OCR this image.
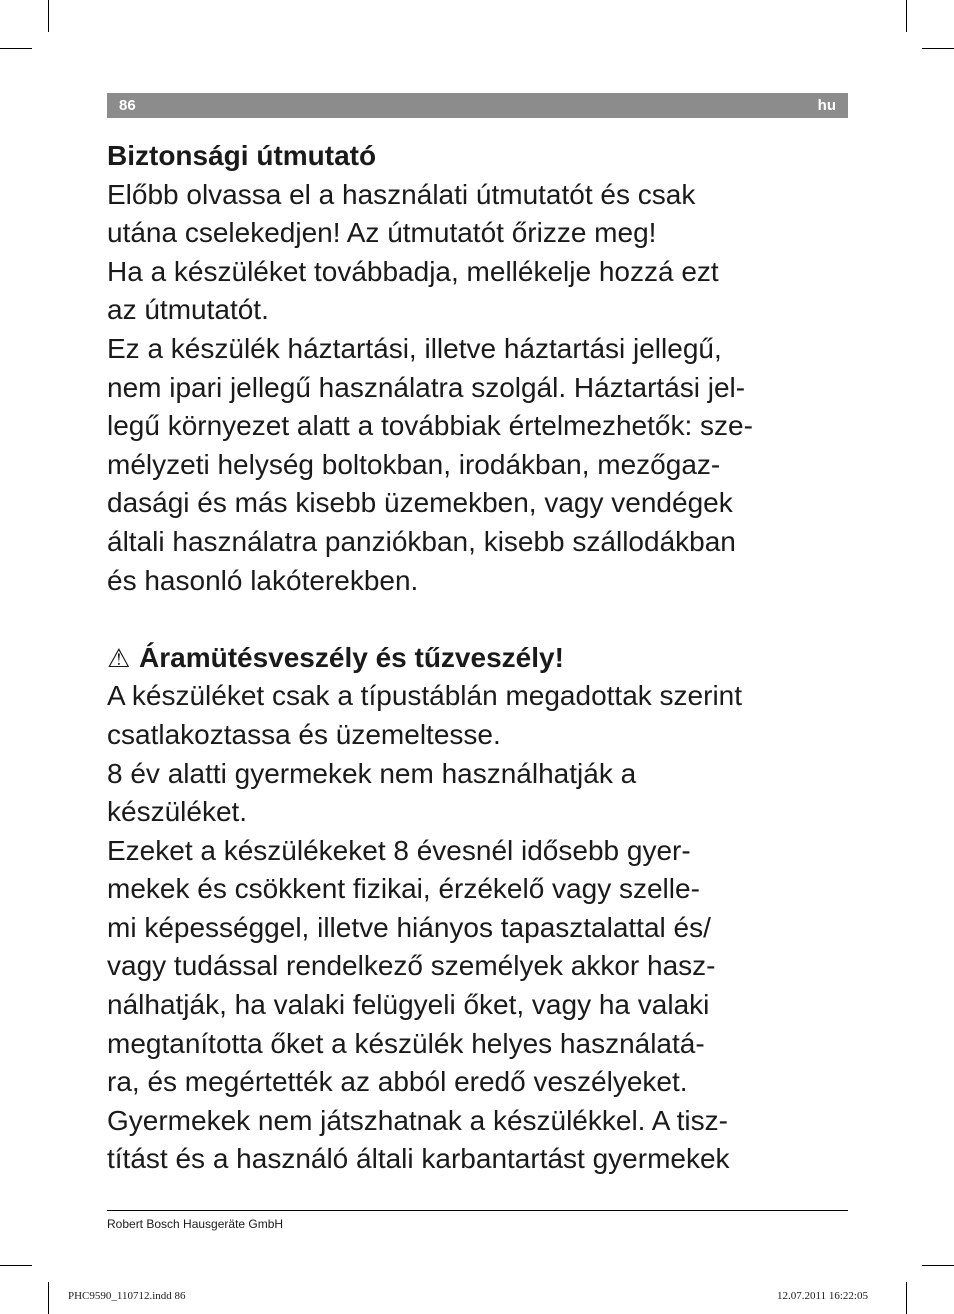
86	hu
Biztonsági útmutató
Előbb olvassa el a használati útmutatót és csak
utána cselekedjen! Az útmutatót őrizze meg!
Ha a készüléket továbbadja, mellékelje hozzá ezt
az útmutatót.
Ez a készülék háztartási, illetve háztartási jellegű,
nem ipari jellegű használatra szolgál. Háztartási jel-
legű környezet alatt a továbbiak értelmezhetők: sze-
mélyzeti helység boltokban, irodákban, mezőgaz-
dasági és más kisebb üzemekben, vagy vendégek
általi használatra panziókban, kisebb szállodákban
és hasonló lakóterekben.
⚠ Áramütésveszély és tűzveszély!
A készüléket csak a típustáblán megadottak szerint
csatlakoztassa és üzemeltesse.
8 év alatti gyermekek nem használhatják a
készüléket.
Ezeket a készülékeket 8 évesnél idősebb gyer-
mekek és csökkent fizikai, érzékelő vagy szelle-
mi képességgel, illetve hiányos tapasztalattal és/
vagy tudással rendelkező személyek akkor hasz-
nálhatják, ha valaki felügyeli őket, vagy ha valaki
megtanította őket a készülék helyes használatá-
ra, és megértették az abból eredő veszélyeket.
Gyermekek nem játszhatnak a készülékkel. A tisz-
títást és a használó általi karbantartást gyermekek
Robert Bosch Hausgeräte GmbH
PHC9590_110712.indd 86	12.07.2011 16:22:05
